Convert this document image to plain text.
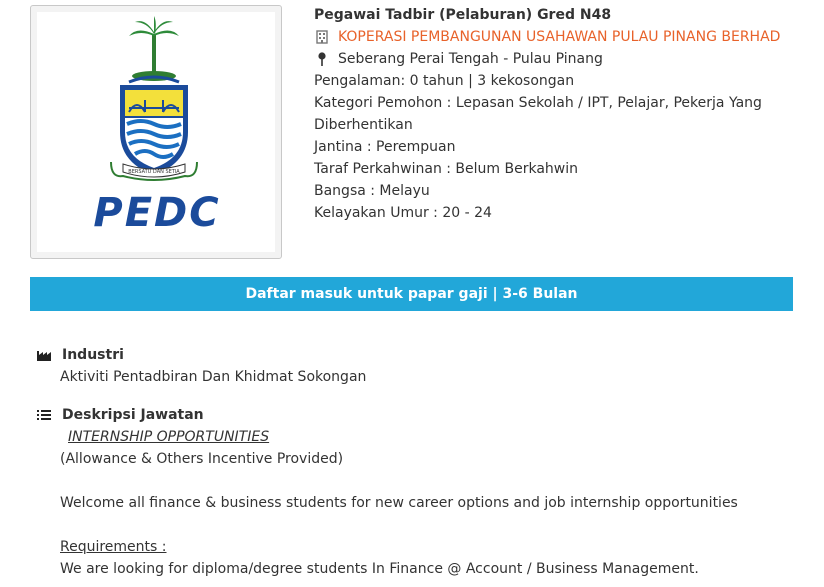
BERSATU DAN SETIA
PEDC
Pegawai Tadbir (Pelaburan) Gred N48
KOPERASI PEMBANGUNAN USAHAWAN PULAU PINANG BERHAD
Seberang Perai Tengah - Pulau Pinang
Pengalaman: 0 tahun | 3 kekosongan
Kategori Pemohon : Lepasan Sekolah / IPT, Pelajar, Pekerja Yang
Diberhentikan
Jantina : Perempuan
Taraf Perkahwinan : Belum Berkahwin
Bangsa : Melayu
Kelayakan Umur : 20 - 24
Daftar masuk untuk papar gaji | 3-6 Bulan
Industri
Aktiviti Pentadbiran Dan Khidmat Sokongan
Deskripsi Jawatan
INTERNSHIP OPPORTUNITIES
(Allowance & Others Incentive Provided)
Welcome all finance & business students for new career options and job internship opportunities
Requirements :
We are looking for diploma/degree students In Finance @ Account / Business Management.
